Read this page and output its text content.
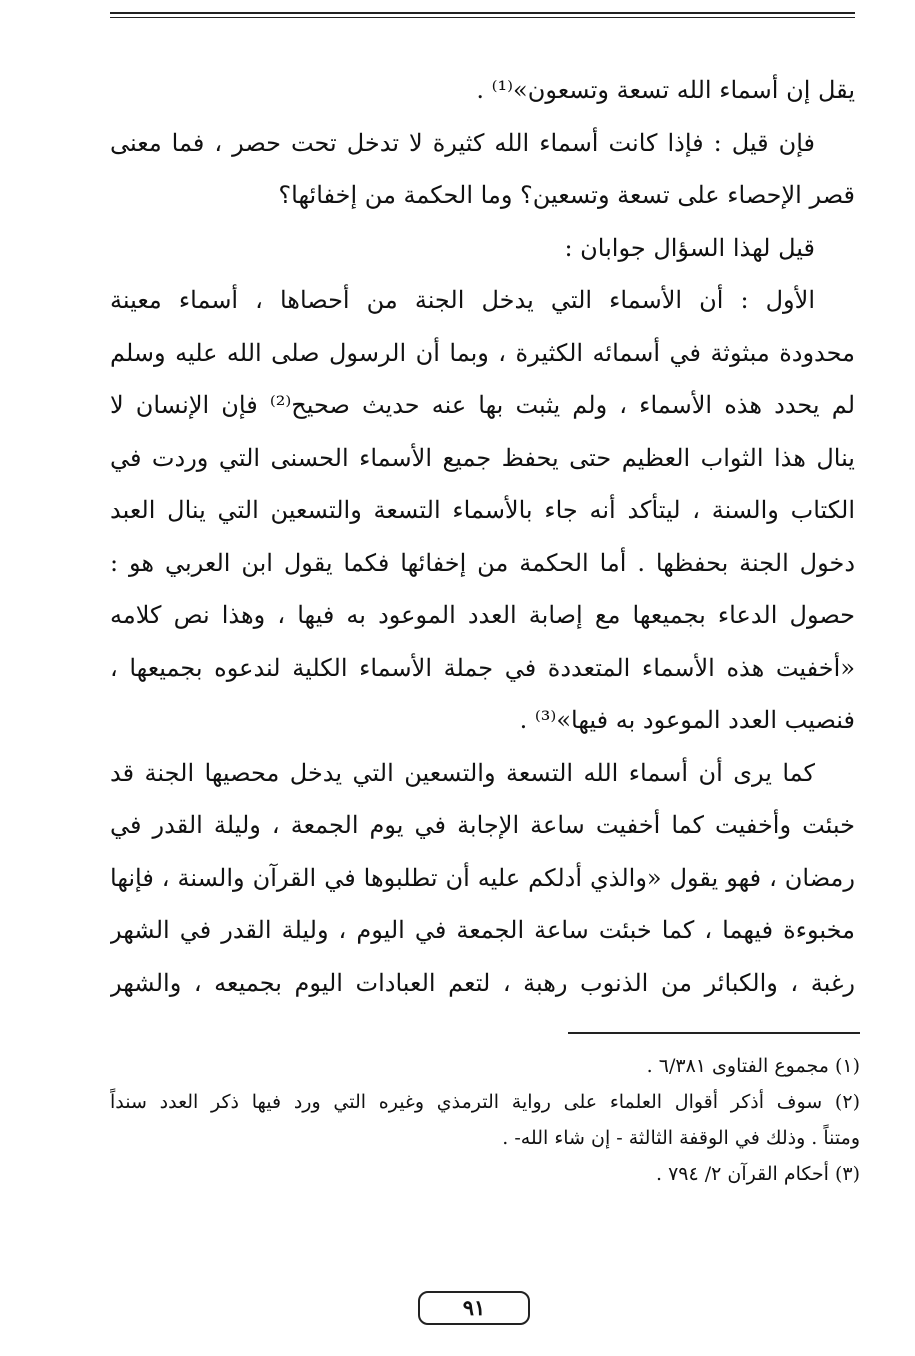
يقل إن أسماء الله تسعة وتسعون»⁽¹⁾ .
فإن قيل : فإذا كانت أسماء الله كثيرة لا تدخل تحت حصر ، فما معنى
قصر الإحصاء على تسعة وتسعين؟ وما الحكمة من إخفائها؟
قيل لهذا السؤال جوابان :
الأول : أن الأسماء التي يدخل الجنة من أحصاها ، أسماء معينة
محدودة مبثوثة في أسمائه الكثيرة ، وبما أن الرسول صلى الله عليه وسلم
لم يحدد هذه الأسماء ، ولم يثبت بها عنه حديث صحيح⁽²⁾ فإن الإنسان لا
ينال هذا الثواب العظيم حتى يحفظ جميع الأسماء الحسنى التي وردت في
الكتاب والسنة ، ليتأكد أنه جاء بالأسماء التسعة والتسعين التي ينال العبد
دخول الجنة بحفظها . أما الحكمة من إخفائها فكما يقول ابن العربي هو :
حصول الدعاء بجميعها مع إصابة العدد الموعود به فيها ، وهذا نص كلامه
«أخفيت هذه الأسماء المتعددة في جملة الأسماء الكلية لندعوه بجميعها ،
فنصيب العدد الموعود به فيها»⁽³⁾ .
كما يرى أن أسماء الله التسعة والتسعين التي يدخل محصيها الجنة قد
خبئت وأخفيت كما أخفيت ساعة الإجابة في يوم الجمعة ، وليلة القدر في
رمضان ، فهو يقول «والذي أدلكم عليه أن تطلبوها في القرآن والسنة ، فإنها
مخبوءة فيهما ، كما خبئت ساعة الجمعة في اليوم ، وليلة القدر في الشهر
رغبة ، والكبائر من الذنوب رهبة ، لتعم العبادات اليوم بجميعه ، والشهر
(١) مجموع الفتاوى ٦/٣٨١ .
(٢) سوف أذكر أقوال العلماء على رواية الترمذي وغيره التي ورد فيها ذكر العدد سنداً
ومتناً . وذلك في الوقفة الثالثة - إن شاء الله- .
(٣) أحكام القرآن ٢/ ٧٩٤ .
٩١
